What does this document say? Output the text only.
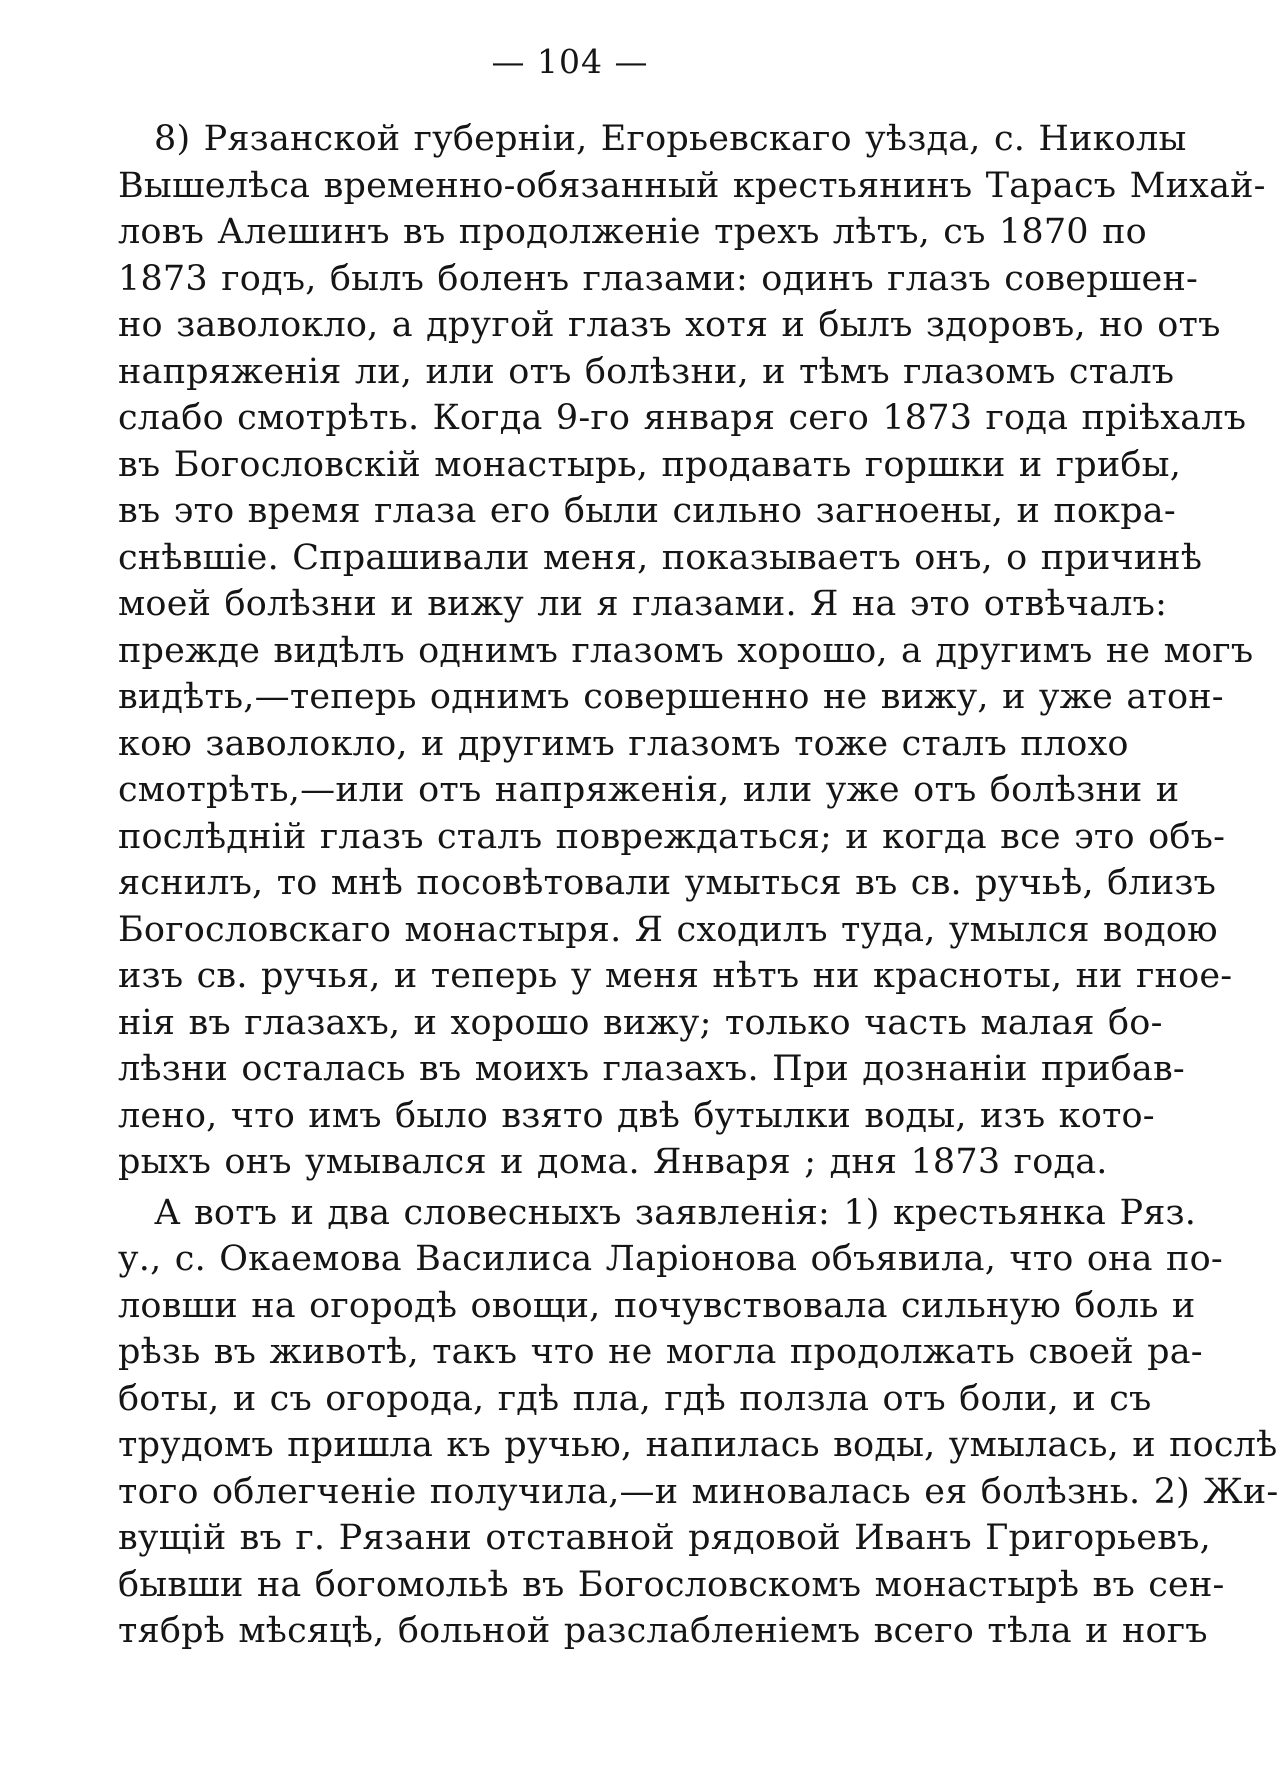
— 104 —
8) Рязанской губерніи, Егорьевскаго уѣзда, с. Николы
Вышелѣса временно-обязанный крестьянинъ Тарасъ Михай-
ловъ Алешинъ въ продолженіе трехъ лѣтъ, съ 1870 по
1873 годъ, былъ боленъ глазами: одинъ глазъ совершен-
но заволокло, а другой глазъ хотя и былъ здоровъ, но отъ
напряженія ли, или отъ болѣзни, и тѣмъ глазомъ сталъ
слабо смотрѣть. Когда 9-го января сего 1873 года пріѣхалъ
въ Богословскій монастырь, продавать горшки и грибы,
въ это время глаза его были сильно загноены, и покра-
снѣвшіе. Спрашивали меня, показываетъ онъ, о причинѣ
моей болѣзни и вижу ли я глазами. Я на это отвѣчалъ:
прежде видѣлъ однимъ глазомъ хорошо, а другимъ не могъ
видѣть,—теперь однимъ совершенно не вижу, и уже атон-
кою заволокло, и другимъ глазомъ тоже сталъ плохо
смотрѣть,—или отъ напряженія, или уже отъ болѣзни и
послѣдній глазъ сталъ повреждаться; и когда все это объ-
яснилъ, то мнѣ посовѣтовали умыться въ св. ручьѣ, близъ
Богословскаго монастыря. Я сходилъ туда, умылся водою
изъ св. ручья, и теперь у меня нѣтъ ни красноты, ни гное-
нія въ глазахъ, и хорошо вижу; только часть малая бо-
лѣзни осталась въ моихъ глазахъ. При дознаніи прибав-
лено, что имъ было взято двѣ бутылки воды, изъ кото-
рыхъ онъ умывался и дома. Января ; дня 1873 года.
А вотъ и два словесныхъ заявленія: 1) крестьянка Ряз.
у., с. Окаемова Василиса Ларіонова объявила, что она по-
ловши на огородѣ овощи, почувствовала сильную боль и
рѣзь въ животѣ, такъ что не могла продолжать своей ра-
боты, и съ огорода, гдѣ пла, гдѣ ползла отъ боли, и съ
трудомъ пришла къ ручью, напилась воды, умылась, и послѣ
того облегченіе получила,—и миновалась ея болѣзнь. 2) Жи-
вущій въ г. Рязани отставной рядовой Иванъ Григорьевъ,
бывши на богомольѣ въ Богословскомъ монастырѣ въ сен-
тябрѣ мѣсяцѣ, больной разслабленіемъ всего тѣла и ногъ
